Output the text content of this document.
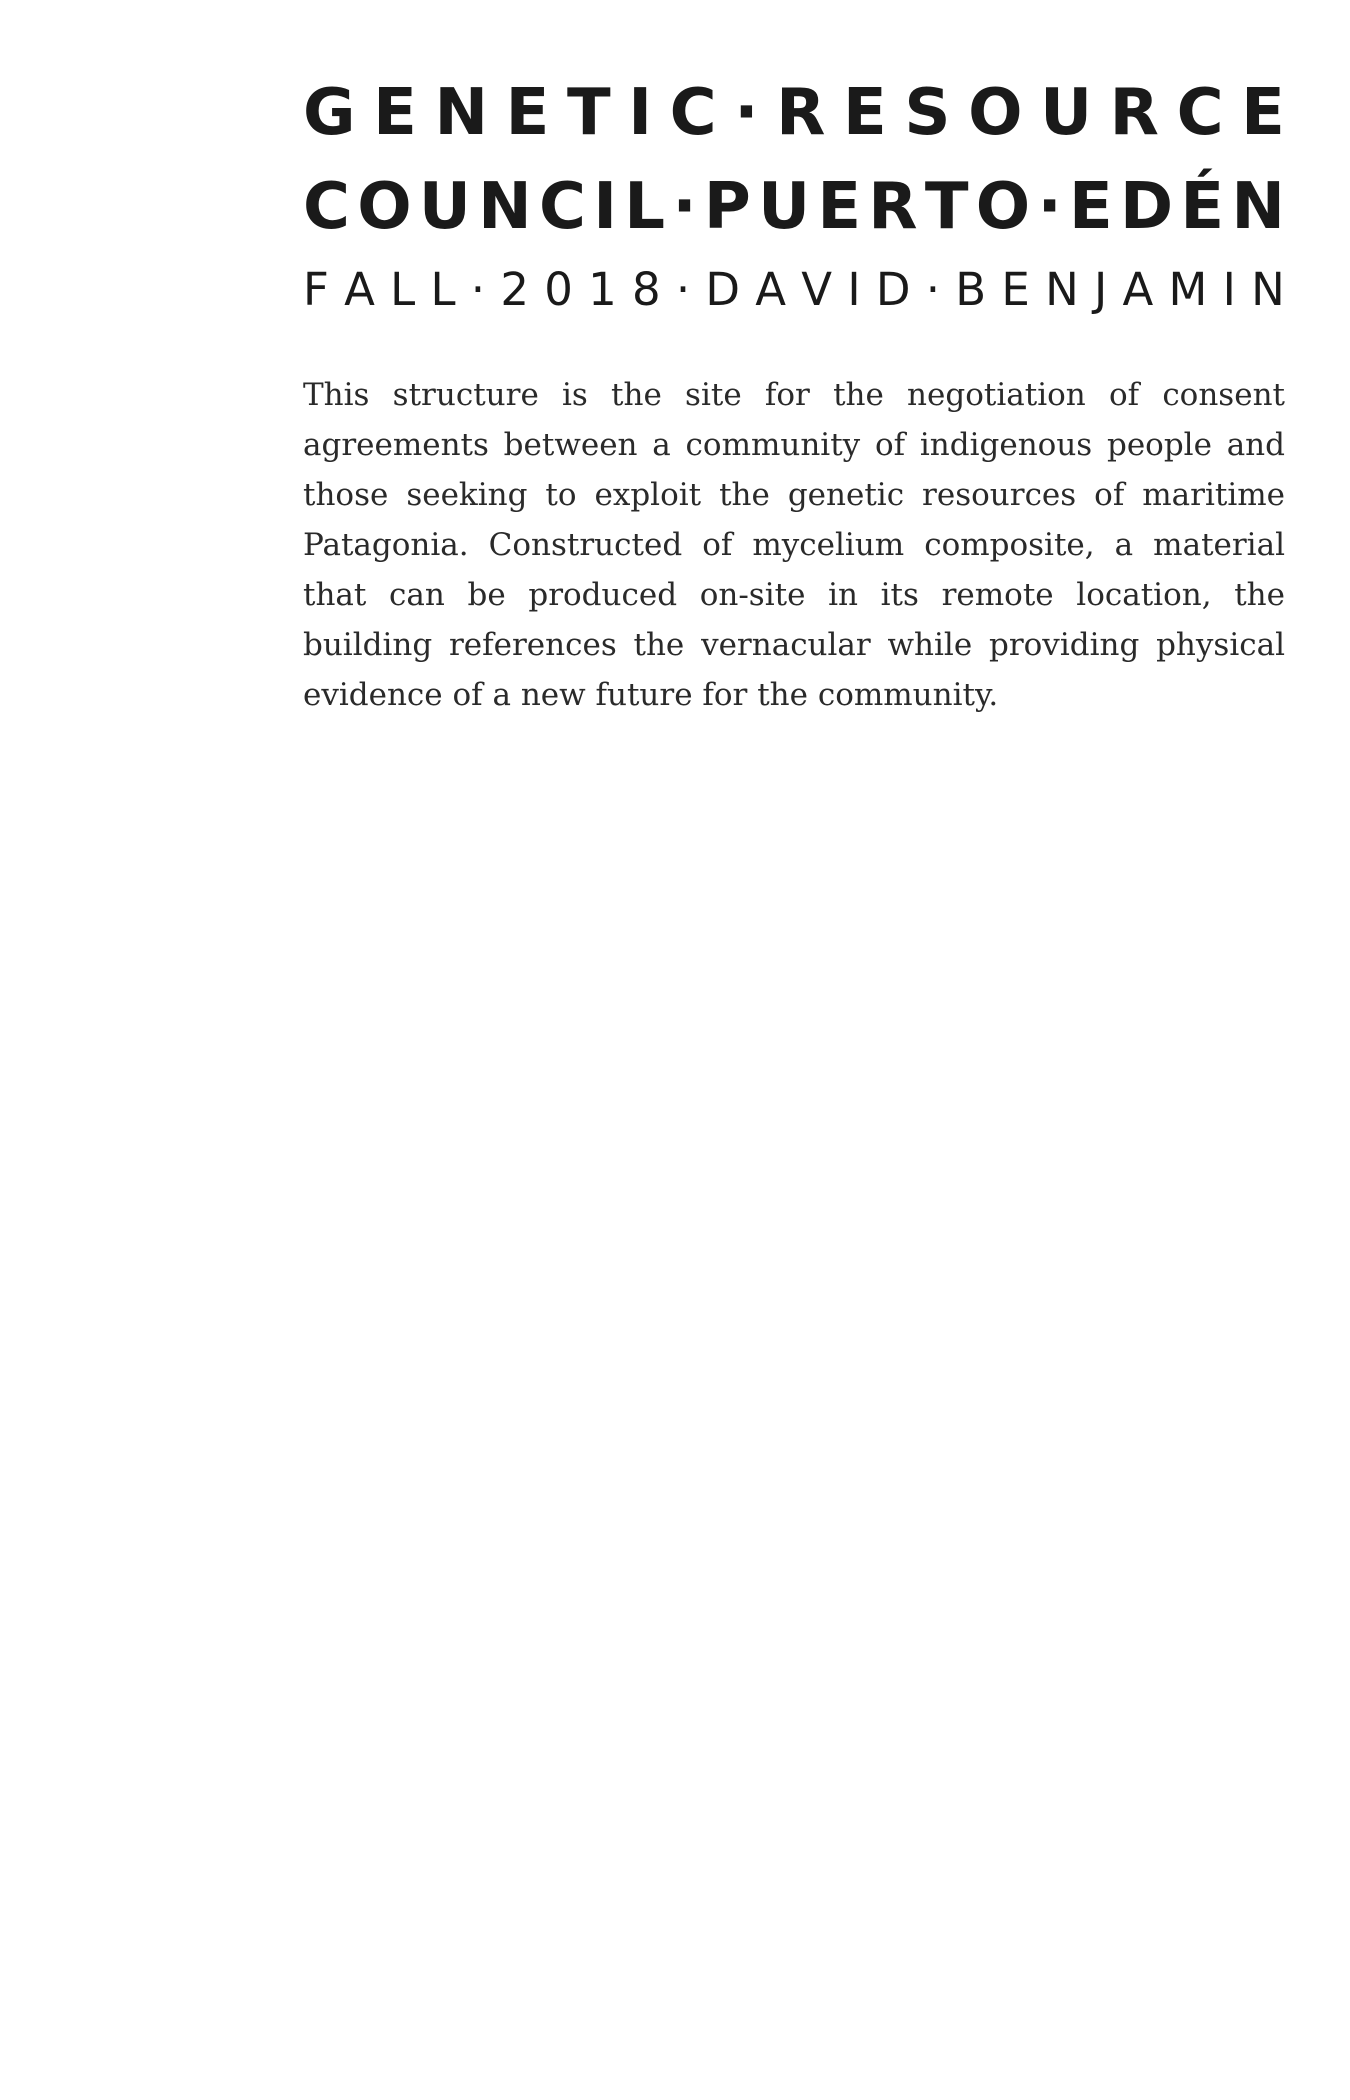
G E N E T I C · R E S O U R C E
C O U N C I L · P U E R T O · E D É N
F A L L · 2 0 1 8 · D A V I D · B E N J A M I N
This structure is the site for the negotiation of consent
agreements between a community of indigenous people and
those seeking to exploit the genetic resources of maritime
Patagonia. Constructed of mycelium composite, a material
that can be produced on-site in its remote location, the
building references the vernacular while providing physical
evidence of a new future for the community.
